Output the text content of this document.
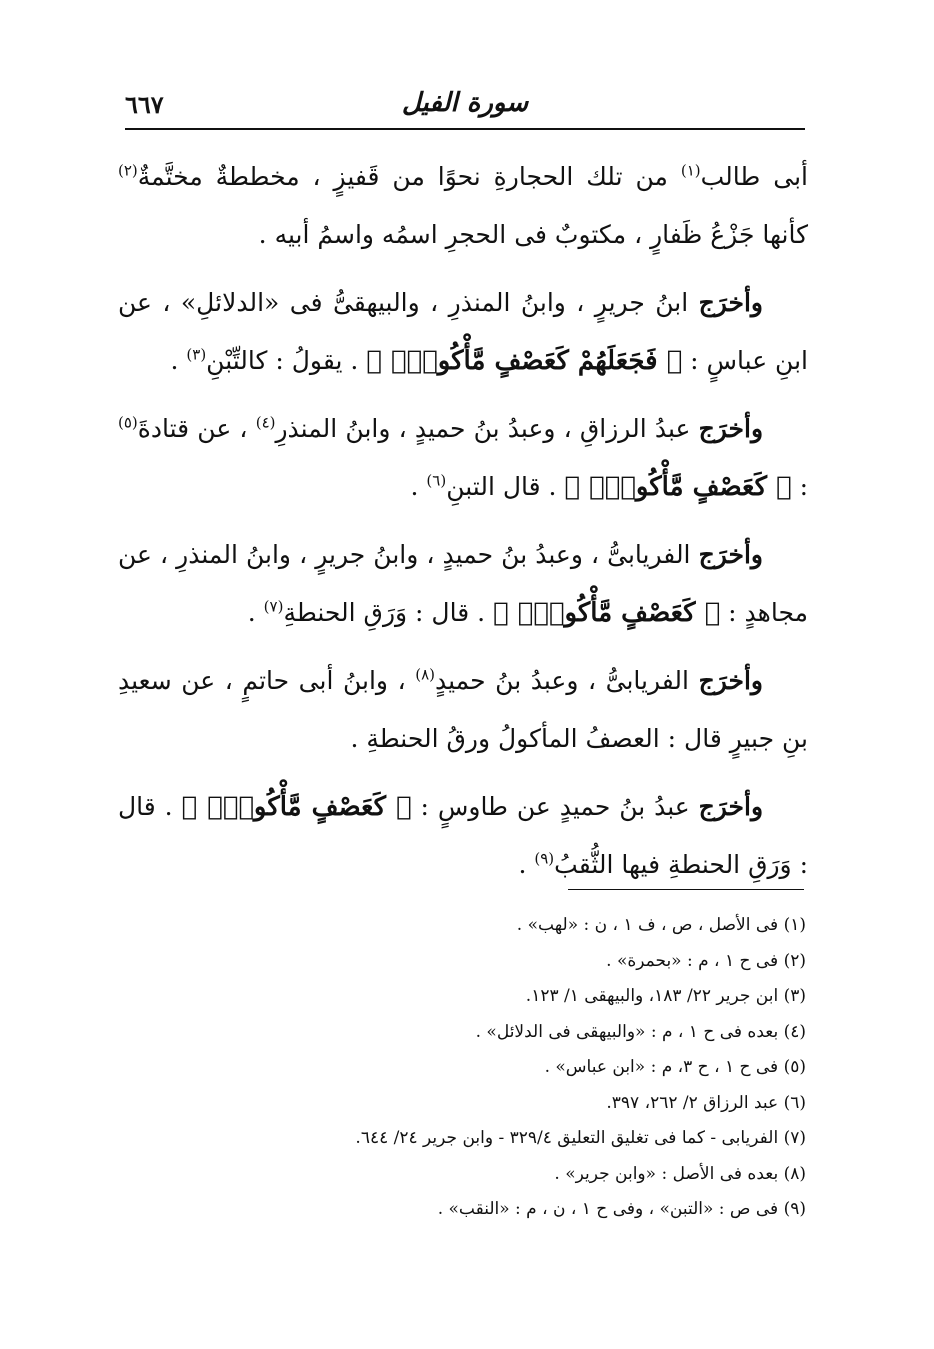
٦٦٧	سورة الفيل

أبى طالب$^{(١)}$ من تلك الحجارةِ نحوًا من قَفيزٍ ، مخططةٌ مختَّمةٌ$^{(٢)}$ كأنها جَزْعُ ظَفارٍ ، مكتوبٌ فى الحجرِ اسمُه واسمُ أبيه .

وأخرَج ابنُ جريرٍ ، وابنُ المنذرِ ، والبيهقىُّ فى «الدلائلِ» ، عن ابنِ عباسٍ : ﴿ فَجَعَلَهُمْ كَعَصْفٍ مَّأْكُولِۭ ﴾ . يقولُ : كالتِّبْنِ$^{(٣)}$ .

وأخرَج عبدُ الرزاقِ ، وعبدُ بنُ حميدٍ ، وابنُ المنذرِ$^{(٤)}$ ، عن قتادةَ$^{(٥)}$ : ﴿ كَعَصْفٍ مَّأْكُولِۭ ﴾ . قال التبنِ$^{(٦)}$ .

وأخرَج الفريابىُّ ، وعبدُ بنُ حميدٍ ، وابنُ جريرٍ ، وابنُ المنذرِ ، عن مجاهدٍ : ﴿ كَعَصْفٍ مَّأْكُولِۭ ﴾ . قال : وَرَقِ الحنطةِ$^{(٧)}$ .

وأخرَج الفريابىُّ ، وعبدُ بنُ حميدٍ$^{(٨)}$ ، وابنُ أبى حاتمٍ ، عن سعيدِ بنِ جبيرٍ قال : العصفُ المأكولُ ورقُ الحنطةِ .

وأخرَج عبدُ بنُ حميدٍ عن طاوسٍ : ﴿ كَعَصْفٍ مَّأْكُولِۭ ﴾ . قال : وَرَقِ الحنطةِ فيها الثُّقبُ$^{(٩)}$ .

(١) فى الأصل ، ص ، ف ١ ، ن : «لهب» .
(٢) فى ح ١ ، م : «بحمرة» .
(٣) ابن جرير ٢٢/ ١٨٣، والبيهقى ١/ ١٢٣.
(٤) بعده فى ح ١ ، م : «والبيهقى فى الدلائل» .
(٥) فى ح ١ ، ح ٣، م : «ابن عباس» .
(٦) عبد الرزاق ٢/ ٢٦٢، ٣٩٧.
(٧) الفريابى - كما فى تغليق التعليق ٣٢٩/٤ - وابن جرير ٢٤/ ٦٤٤.
(٨) بعده فى الأصل : «وابن جرير» .
(٩) فى ص : «التبن» ، وفى ح ١ ، ن ، م : «النقب» .
